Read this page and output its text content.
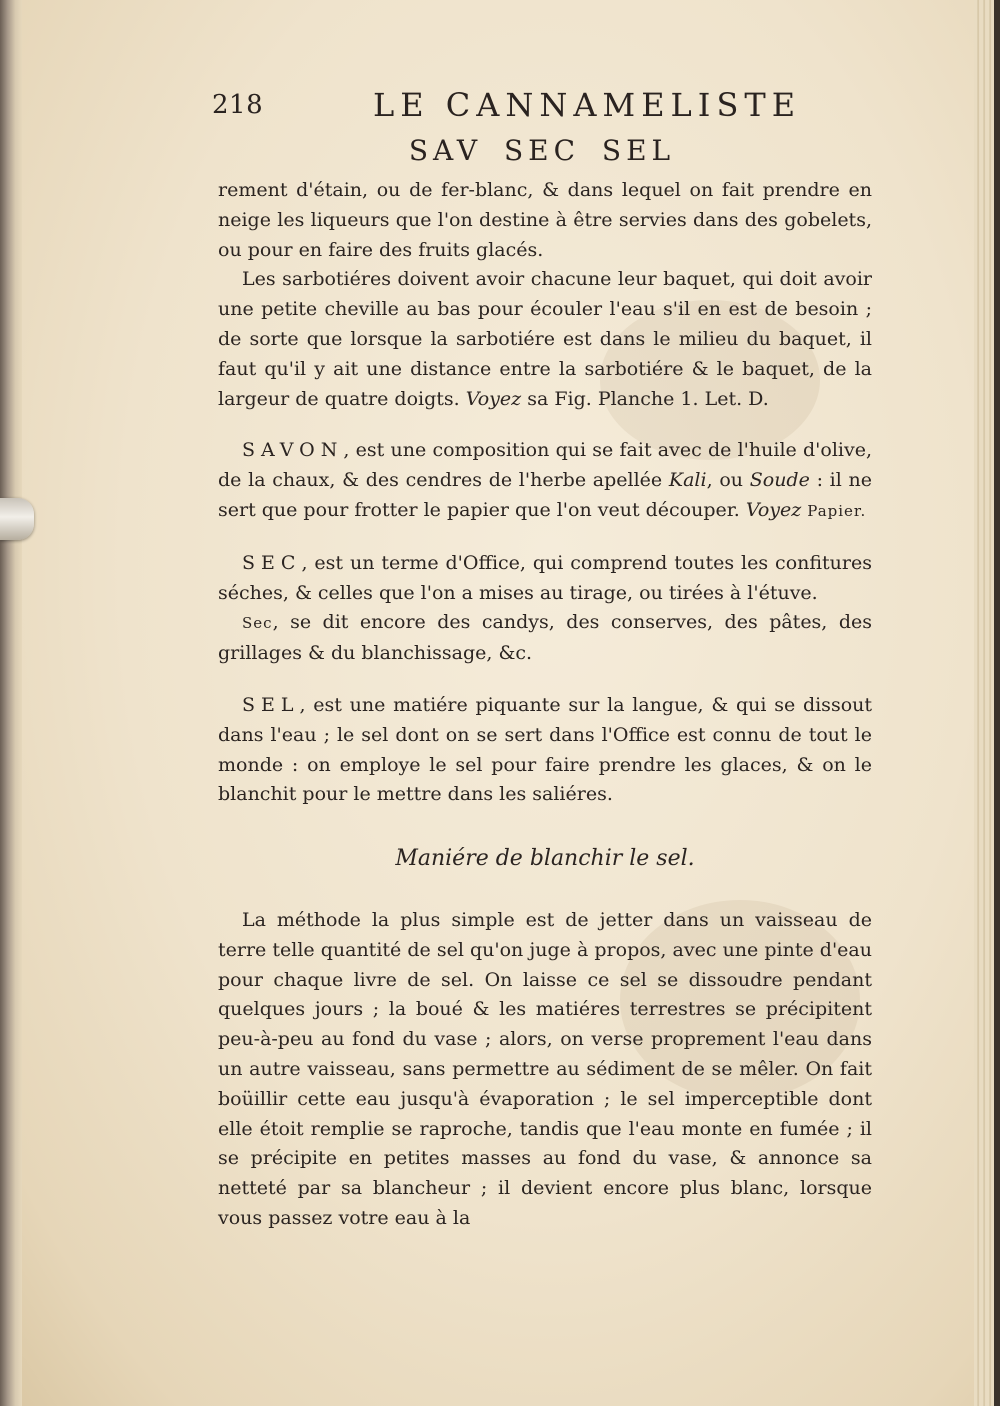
218	LE CANNAMELISTE
SAV SEC SEL

rement d'étain, ou de fer-blanc, & dans lequel on fait prendre en neige les liqueurs que l'on destine à être servies dans des gobelets, ou pour en faire des fruits glacés.

Les sarbotiéres doivent avoir chacune leur baquet, qui doit avoir une petite cheville au bas pour écouler l'eau s'il en est de besoin ; de sorte que lorsque la sarbotiére est dans le milieu du baquet, il faut qu'il y ait une distance entre la sarbotiére & le baquet, de la largeur de quatre doigts. Voyez sa Fig. Planche 1. Let. D.

SAVON, est une composition qui se fait avec de l'huile d'olive, de la chaux, & des cendres de l'herbe apellée Kali, ou Soude : il ne sert que pour frotter le papier que l'on veut découper. Voyez Papier.

SEC, est un terme d'Office, qui comprend toutes les confitures séches, & celles que l'on a mises au tirage, ou tirées à l'étuve.

Sec, se dit encore des candys, des conserves, des pâtes, des grillages & du blanchissage, &c.

SEL, est une matiére piquante sur la langue, & qui se dissout dans l'eau ; le sel dont on se sert dans l'Office est connu de tout le monde : on employe le sel pour faire prendre les glaces, & on le blanchit pour le mettre dans les saliéres.

Maniére de blanchir le sel.

La méthode la plus simple est de jetter dans un vaisseau de terre telle quantité de sel qu'on juge à propos, avec une pinte d'eau pour chaque livre de sel. On laisse ce sel se dissoudre pendant quelques jours ; la boué & les matiéres terrestres se précipitent peu-à-peu au fond du vase ; alors, on verse proprement l'eau dans un autre vaisseau, sans permettre au sédiment de se mêler. On fait boüillir cette eau jusqu'à évaporation ; le sel imperceptible dont elle étoit remplie se raproche, tandis que l'eau monte en fumée ; il se précipite en petites masses au fond du vase, & annonce sa netteté par sa blancheur ; il devient encore plus blanc, lorsque vous passez votre eau à la
